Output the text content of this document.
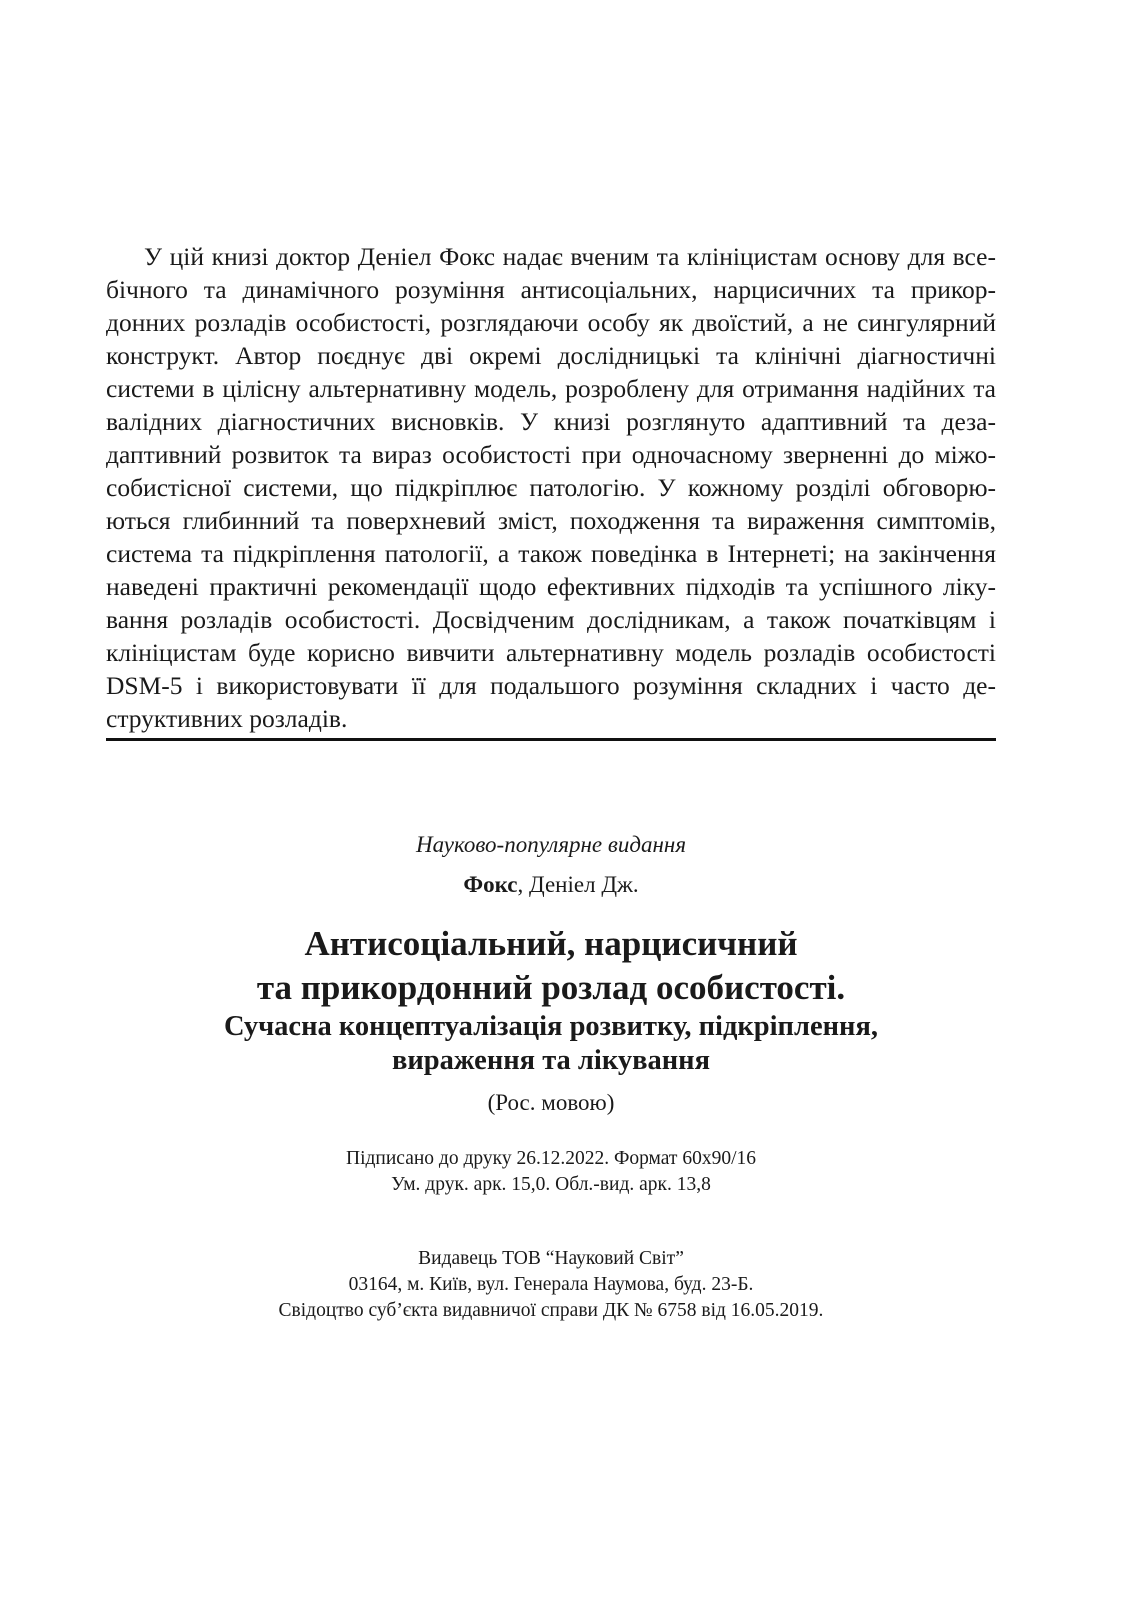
У цій книзі доктор Деніел Фокс надає вченим та клініцистам основу для всебічного та динамічного розуміння антисоціальних, нарцисичних та прикордонних розладів особистості, розглядаючи особу як двоїстий, а не сингулярний конструкт. Автор поєднує дві окремі дослідницькі та клінічні діагностичні системи в цілісну альтернативну модель, розроблену для отримання надійних та валідних діагностичних висновків. У книзі розглянуто адаптивний та дезадаптивний розвиток та вираз особистості при одночасному зверненні до міжособистісної системи, що підкріплює патологію. У кожному розділі обговорюються глибинний та поверхневий зміст, походження та вираження симптомів, система та підкріплення патології, а також поведінка в Інтернеті; на закінчення наведені практичні рекомендації щодо ефективних підходів та успішного лікування розладів особистості. Досвідченим дослідникам, а також початківцям і клініцистам буде корисно вивчити альтернативну модель розладів особистості DSM-5 і використовувати її для подальшого розуміння складних і часто деструктивних розладів.

Науково-популярне видання

Фокс, Деніел Дж.

Антисоціальний, нарцисичний
та прикордонний розлад особистості.
Сучасна концептуалізація розвитку, підкріплення,
вираження та лікування

(Рос. мовою)

Підписано до друку 26.12.2022. Формат 60х90/16
Ум. друк. арк. 15,0. Обл.-вид. арк. 13,8
Видавець ТОВ “Науковий Світ”
03164, м. Київ, вул. Генерала Наумова, буд. 23-Б.
Свідоцтво суб’єкта видавничої справи ДК № 6758 від 16.05.2019.
